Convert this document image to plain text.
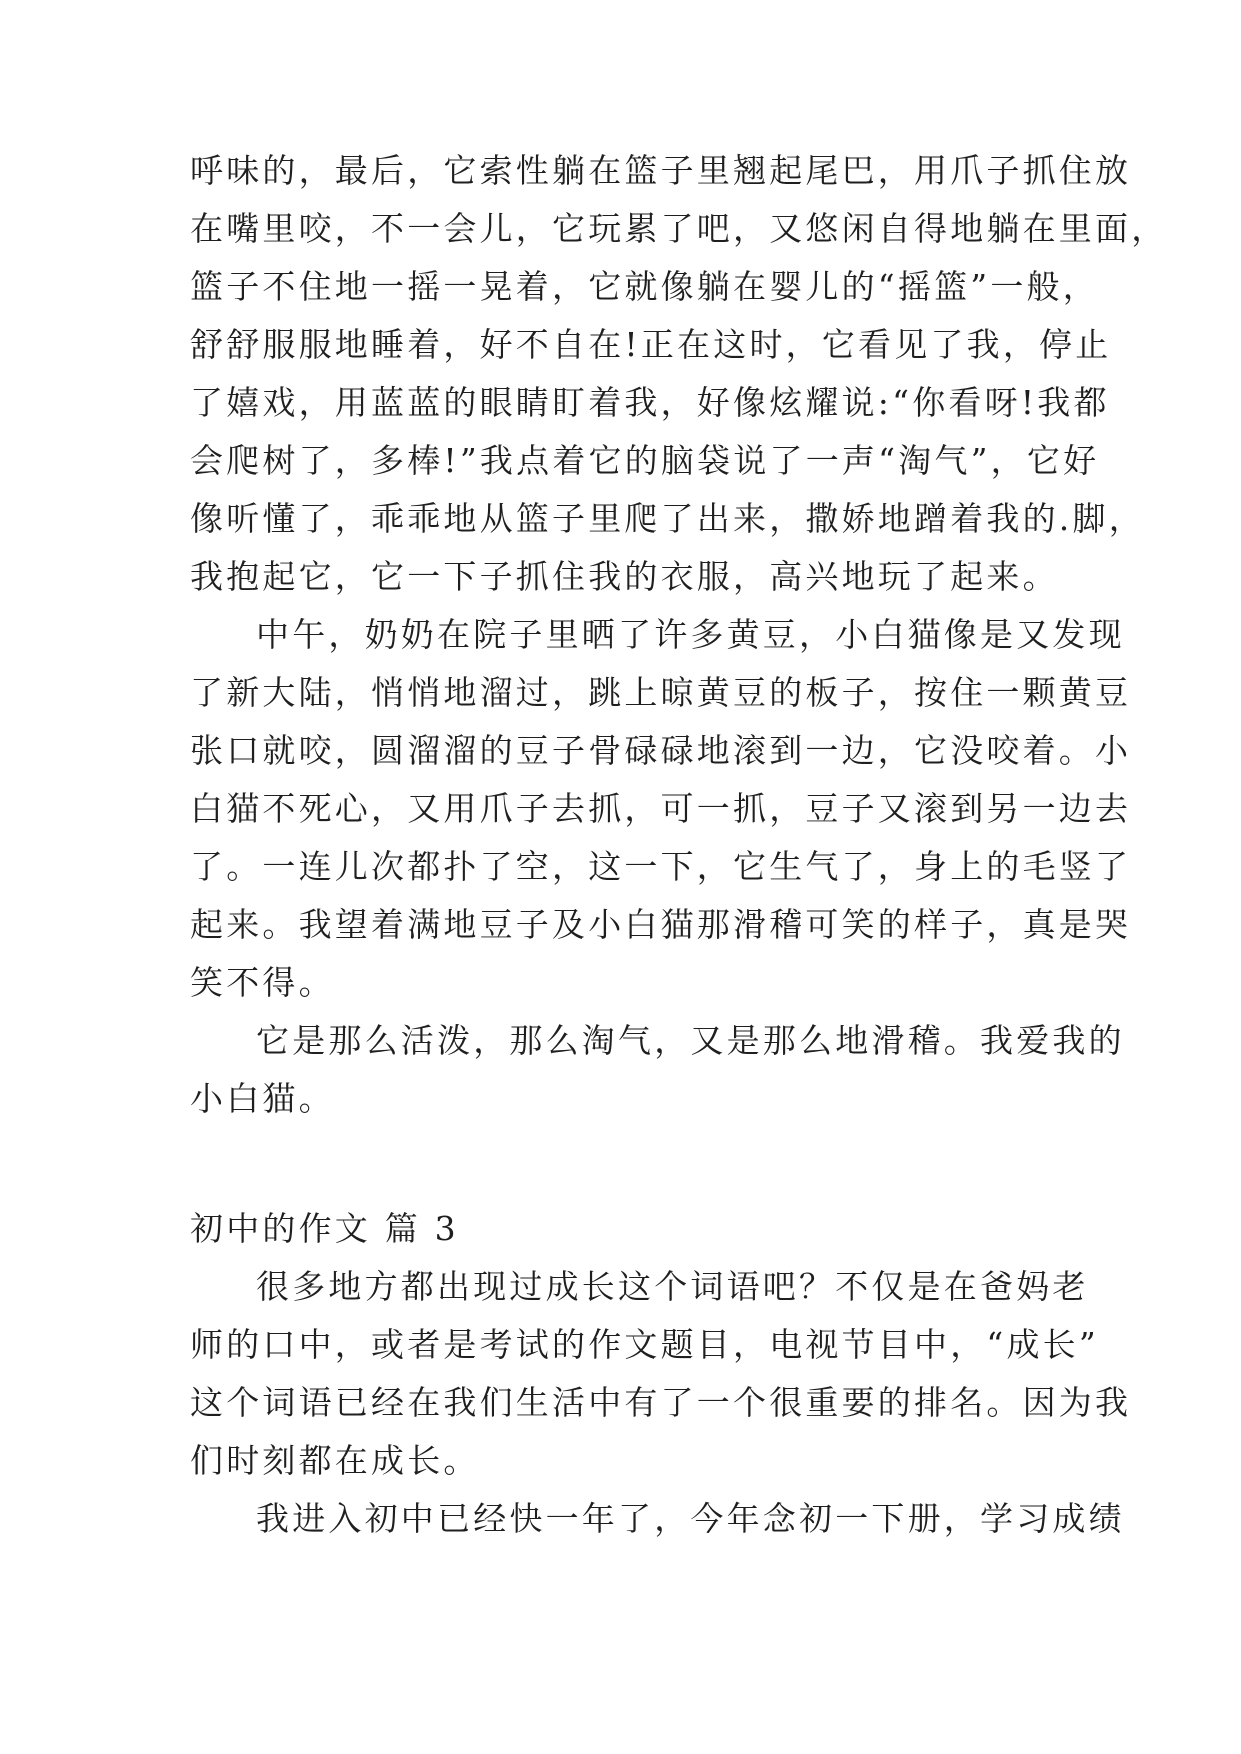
呼味的，最后，它索性躺在篮子里翘起尾巴，用爪子抓住放
在嘴里咬，不一会儿，它玩累了吧，又悠闲自得地躺在里面，
篮子不住地一摇一晃着，它就像躺在婴儿的“摇篮”一般，
舒舒服服地睡着，好不自在!正在这时，它看见了我，停止
了嬉戏，用蓝蓝的眼睛盯着我，好像炫耀说:“你看呀!我都
会爬树了，多棒!”我点着它的脑袋说了一声“淘气”，它好
像听懂了，乖乖地从篮子里爬了出来，撒娇地蹭着我的.脚，
我抱起它，它一下子抓住我的衣服，高兴地玩了起来。
中午，奶奶在院子里晒了许多黄豆，小白猫像是又发现
了新大陆，悄悄地溜过，跳上晾黄豆的板子，按住一颗黄豆
张口就咬，圆溜溜的豆子骨碌碌地滚到一边，它没咬着。小
白猫不死心，又用爪子去抓，可一抓，豆子又滚到另一边去
了。一连儿次都扑了空，这一下，它生气了，身上的毛竖了
起来。我望着满地豆子及小白猫那滑稽可笑的样子，真是哭
笑不得。
它是那么活泼，那么淘气，又是那么地滑稽。我爱我的
小白猫。
初中的作文 篇 3
很多地方都出现过成长这个词语吧？不仅是在爸妈老
师的口中，或者是考试的作文题目，电视节目中，“成长”
这个词语已经在我们生活中有了一个很重要的排名。因为我
们时刻都在成长。
我进入初中已经快一年了，今年念初一下册，学习成绩
